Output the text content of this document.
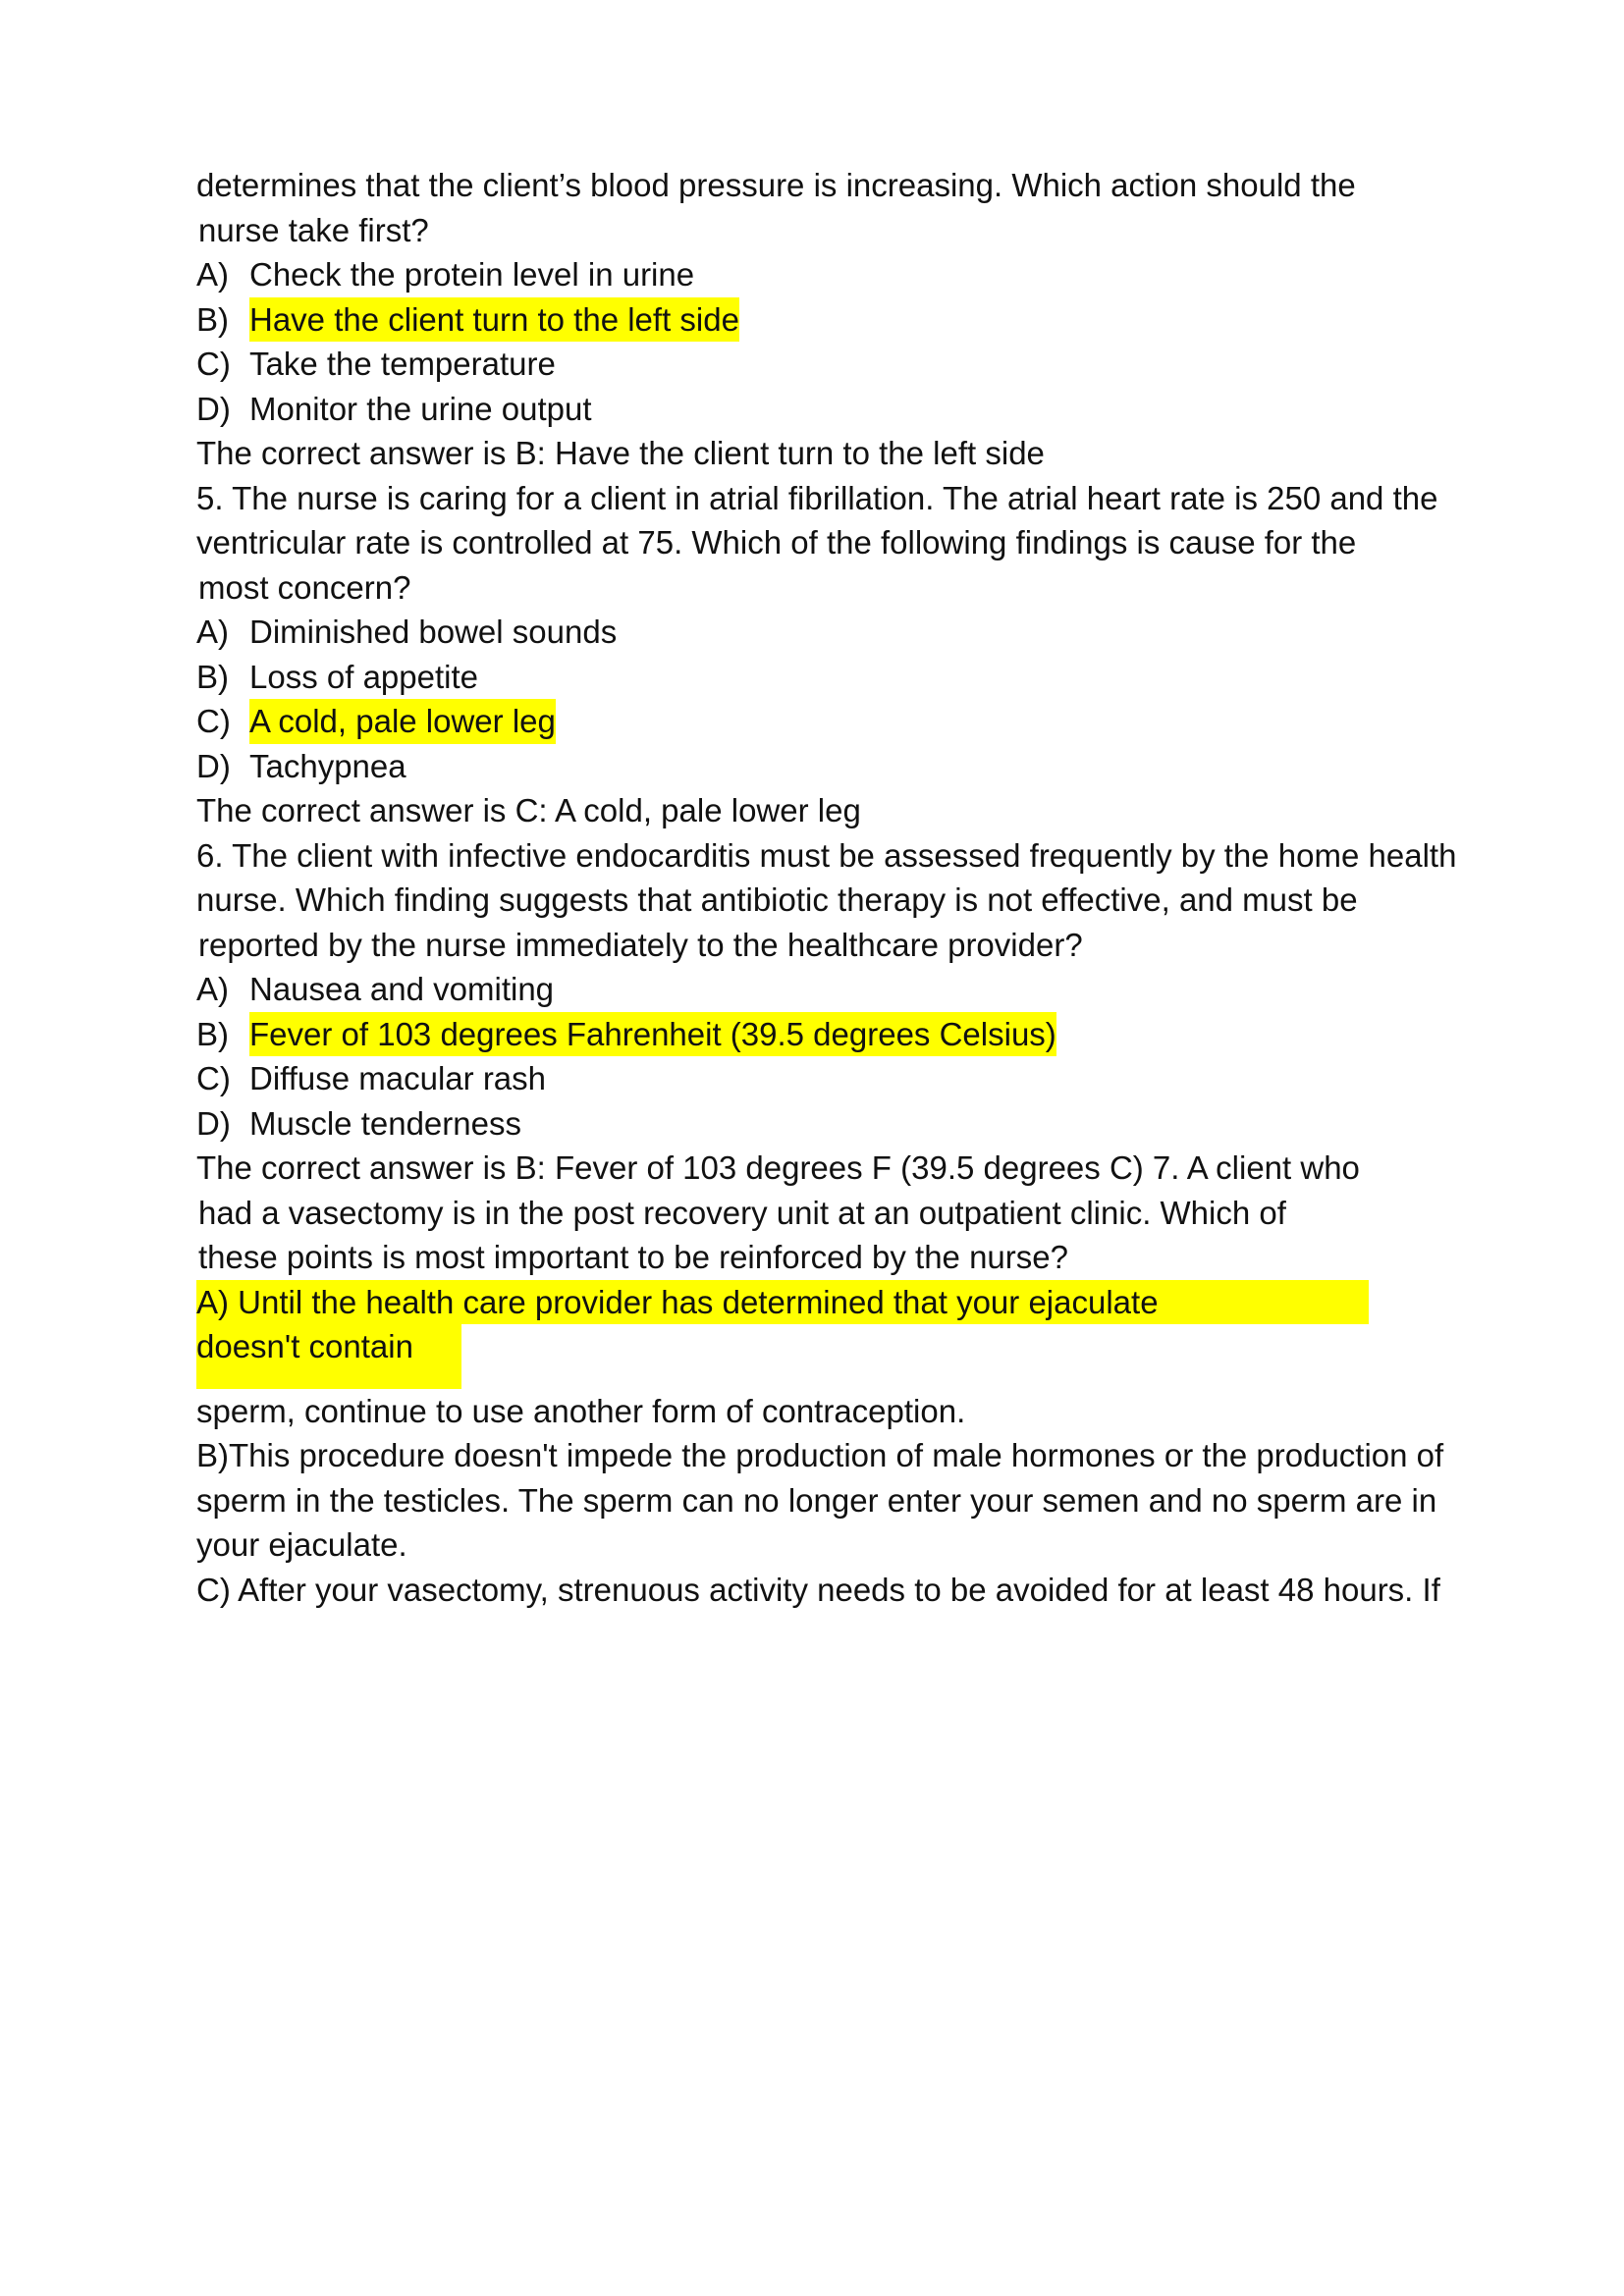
determines that the client’s blood pressure is increasing. Which action should the
nurse take first?
A) Check the protein level in urine
B) Have the client turn to the left side
C) Take the temperature
D) Monitor the urine output
The correct answer is B: Have the client turn to the left side
5. The nurse is caring for a client in atrial fibrillation. The atrial heart rate is 250 and the
ventricular rate is controlled at 75. Which of the following findings is cause for the
most concern?
A) Diminished bowel sounds
B) Loss of appetite
C) A cold, pale lower leg
D) Tachypnea
The correct answer is C: A cold, pale lower leg
6. The client with infective endocarditis must be assessed frequently by the home health
nurse. Which finding suggests that antibiotic therapy is not effective, and must be
reported by the nurse immediately to the healthcare provider?
A) Nausea and vomiting
B) Fever of 103 degrees Fahrenheit (39.5 degrees Celsius)
C) Diffuse macular rash
D) Muscle tenderness
The correct answer is B: Fever of 103 degrees F (39.5 degrees C) 7. A client who
had a vasectomy is in the post recovery unit at an outpatient clinic. Which of
these points is most important to be reinforced by the nurse?
A) Until the health care provider has determined that your ejaculate
doesn't contain
sperm, continue to use another form of contraception.
B)This procedure doesn't impede the production of male hormones or the production of
sperm in the testicles. The sperm can no longer enter your semen and no sperm are in
your ejaculate.
C) After your vasectomy, strenuous activity needs to be avoided for at least 48 hours. If
